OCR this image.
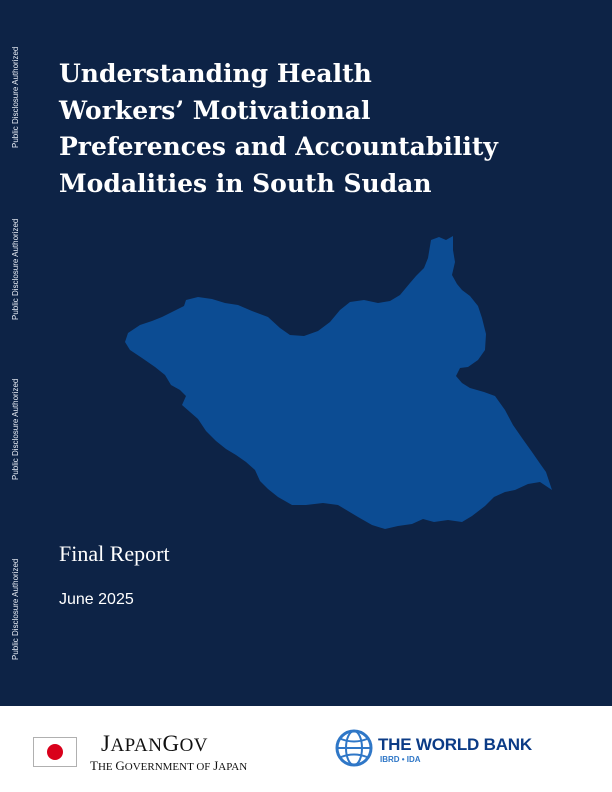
Public Disclosure Authorized
Public Disclosure Authorized
Public Disclosure Authorized
Public Disclosure Authorized
Understanding Health
Workers’ Motivational
Preferences and Accountability
Modalities in South Sudan
Final Report
June 2025
JAPANGOV
THE GOVERNMENT OF JAPAN
THE WORLD BANK
IBRD • IDA
